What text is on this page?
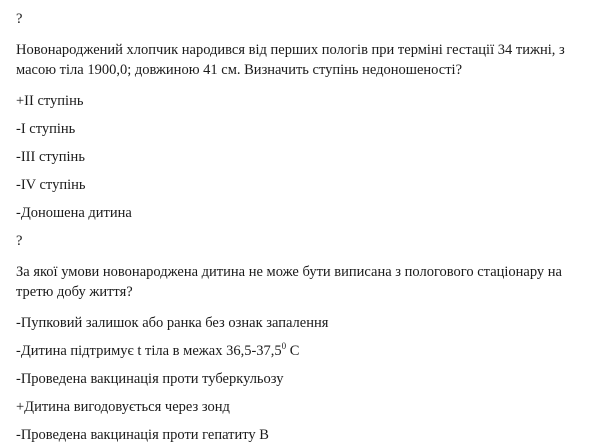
?

Новонароджений хлопчик народився від перших пологів при терміні гестації 34 тижні, з масою тіла 1900,0; довжиною 41 см. Визначить ступінь недоношеності?

+II ступінь

-I ступінь

-III ступінь

-IV ступінь

-Доношена дитина

?

За якої умови новонароджена дитина не може бути виписана з пологового стаціонару на третю добу життя?

-Пупковий залишок або ранка без ознак запалення

-Дитина підтримує t тіла в межах 36,5-37,5$^0$ С

-Проведена вакцинація проти туберкульозу

+Дитина вигодовується через зонд

-Проведена вакцинація проти гепатиту В
